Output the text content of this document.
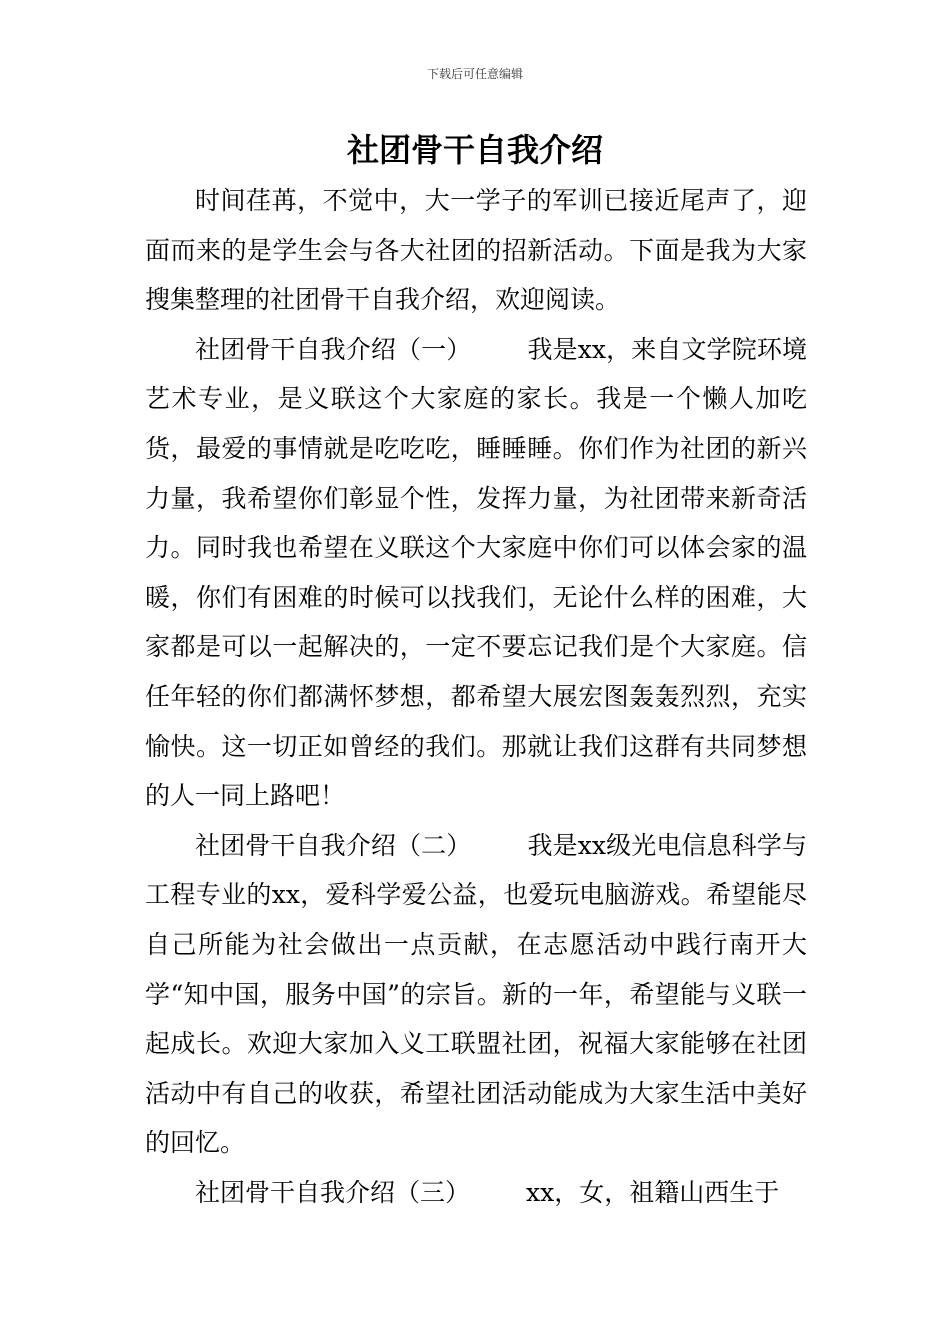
下载后可任意编辑
社团骨干自我介绍

时间荏苒，不觉中，大一学子的军训已接近尾声了，迎面而来的是学生会与各大社团的招新活动。下面是我为大家搜集整理的社团骨干自我介绍，欢迎阅读。

社团骨干自我介绍（一） 我是xx，来自文学院环境艺术专业，是义联这个大家庭的家长。我是一个懒人加吃货，最爱的事情就是吃吃吃，睡睡睡。你们作为社团的新兴力量，我希望你们彰显个性，发挥力量，为社团带来新奇活力。同时我也希望在义联这个大家庭中你们可以体会家的温暖，你们有困难的时候可以找我们，无论什么样的困难，大家都是可以一起解决的，一定不要忘记我们是个大家庭。信任年轻的你们都满怀梦想，都希望大展宏图轰轰烈烈，充实愉快。这一切正如曾经的我们。那就让我们这群有共同梦想的人一同上路吧！

社团骨干自我介绍（二） 我是xx级光电信息科学与工程专业的xx，爱科学爱公益，也爱玩电脑游戏。希望能尽自己所能为社会做出一点贡献，在志愿活动中践行南开大学“知中国，服务中国”的宗旨。新的一年，希望能与义联一起成长。欢迎大家加入义工联盟社团，祝福大家能够在社团活动中有自己的收获，希望社团活动能成为大家生活中美好的回忆。

社团骨干自我介绍（三） xx，女，祖籍山西生于
